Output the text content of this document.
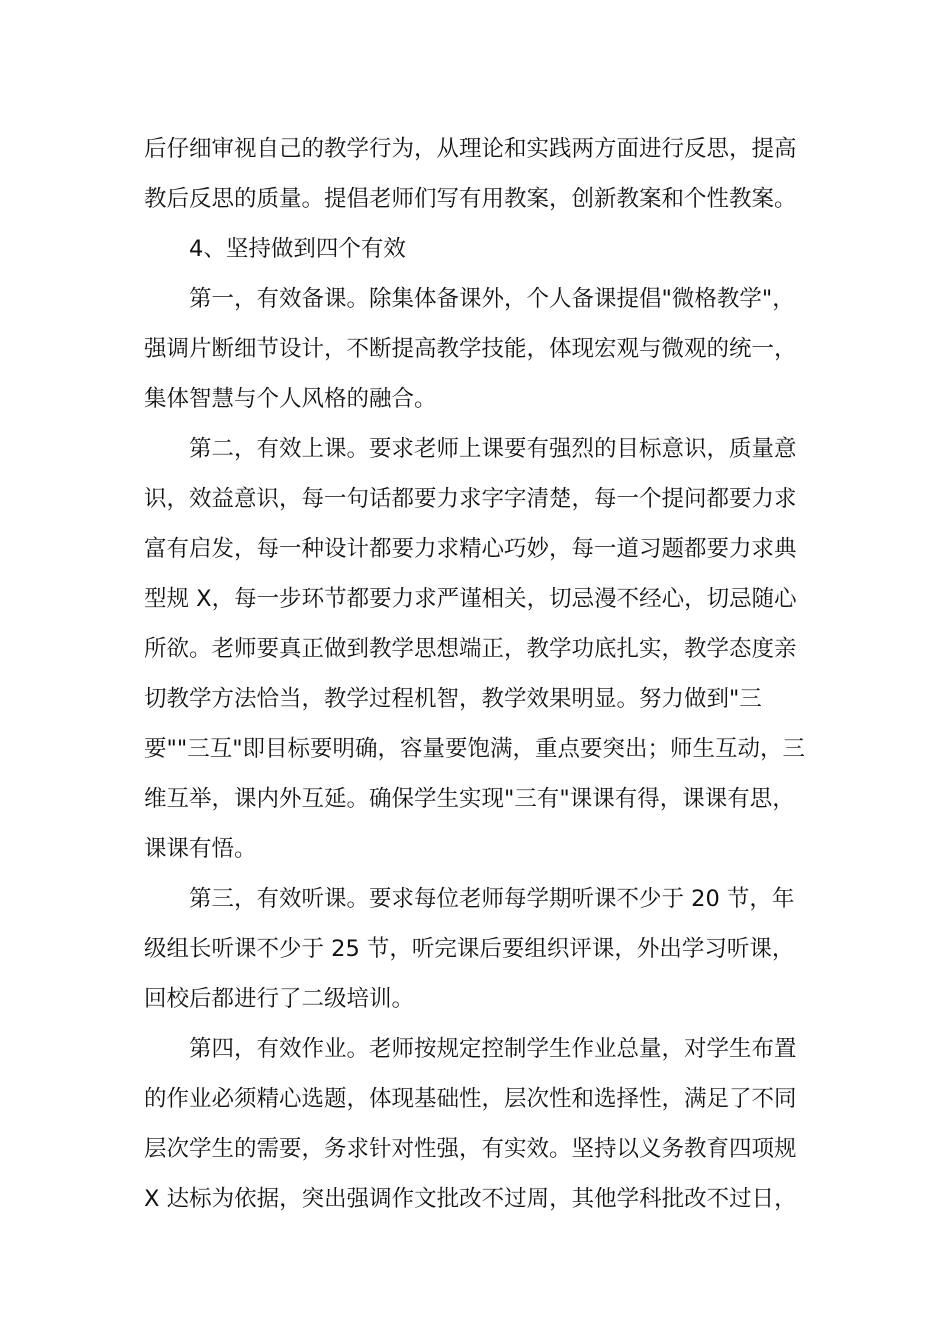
后仔细审视自己的教学行为，从理论和实践两方面进行反思，提高
教后反思的质量。提倡老师们写有用教案，创新教案和个性教案。
4、坚持做到四个有效
第一，有效备课。除集体备课外，个人备课提倡"微格教学"，
强调片断细节设计，不断提高教学技能，体现宏观与微观的统一，
集体智慧与个人风格的融合。
第二，有效上课。要求老师上课要有强烈的目标意识，质量意
识，效益意识，每一句话都要力求字字清楚，每一个提问都要力求
富有启发，每一种设计都要力求精心巧妙，每一道习题都要力求典
型规 X，每一步环节都要力求严谨相关，切忌漫不经心，切忌随心
所欲。老师要真正做到教学思想端正，教学功底扎实，教学态度亲
切教学方法恰当，教学过程机智，教学效果明显。努力做到"三
要""三互"即目标要明确，容量要饱满，重点要突出；师生互动，三
维互举，课内外互延。确保学生实现"三有"课课有得，课课有思，
课课有悟。
第三，有效听课。要求每位老师每学期听课不少于 20 节，年
级组长听课不少于 25 节，听完课后要组织评课，外出学习听课，
回校后都进行了二级培训。
第四，有效作业。老师按规定控制学生作业总量，对学生布置
的作业必须精心选题，体现基础性，层次性和选择性，满足了不同
层次学生的需要，务求针对性强，有实效。坚持以义务教育四项规
X 达标为依据，突出强调作文批改不过周，其他学科批改不过日，
